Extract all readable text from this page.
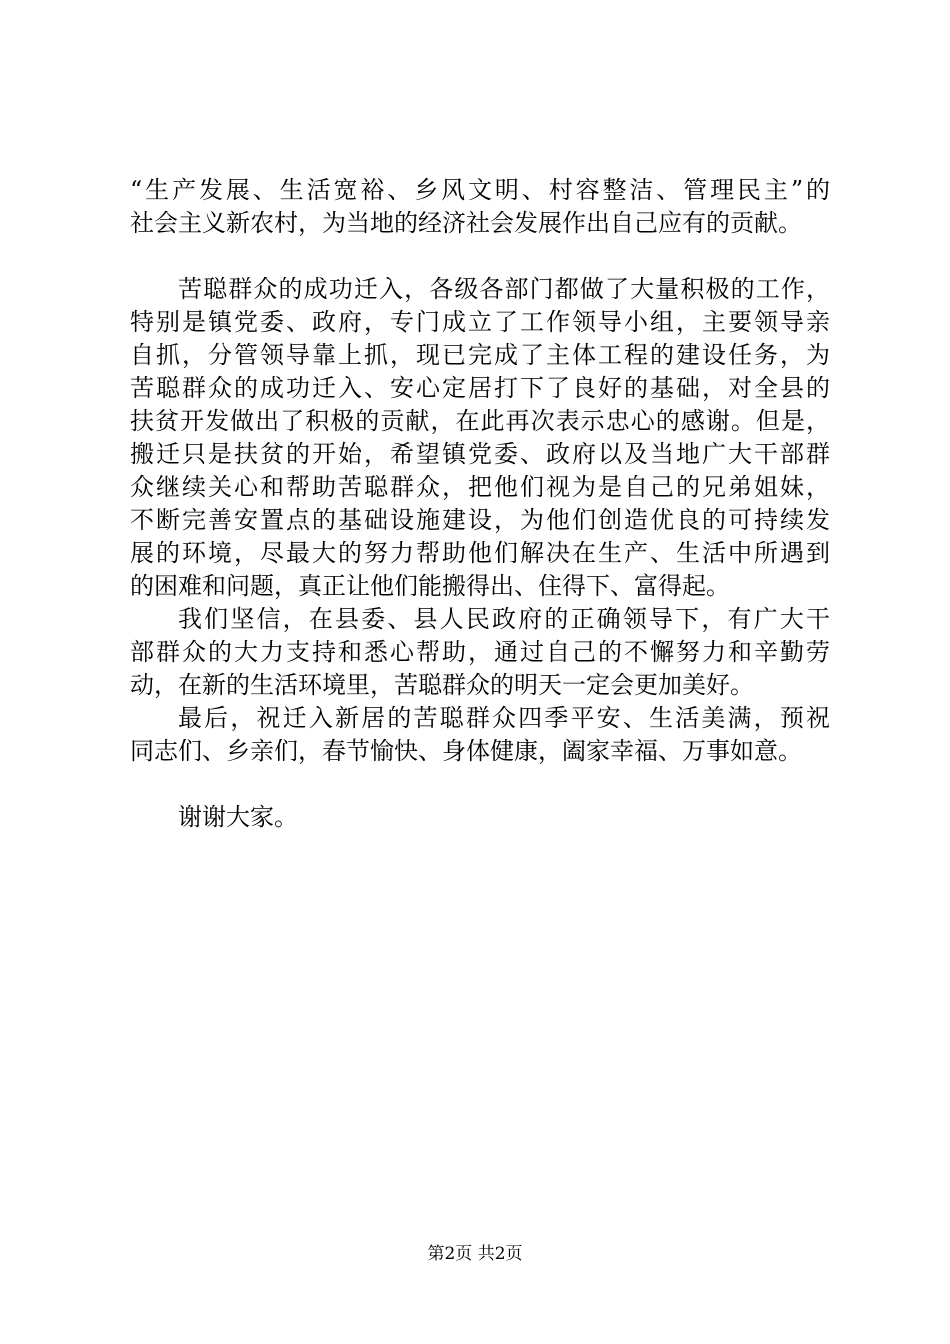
“生产发展、生活宽裕、乡风文明、村容整洁、管理民主”的
社会主义新农村，为当地的经济社会发展作出自己应有的贡献。
苦聪群众的成功迁入，各级各部门都做了大量积极的工作，
特别是镇党委、政府，专门成立了工作领导小组，主要领导亲
自抓，分管领导靠上抓，现已完成了主体工程的建设任务，为
苦聪群众的成功迁入、安心定居打下了良好的基础，对全县的
扶贫开发做出了积极的贡献，在此再次表示忠心的感谢。但是，
搬迁只是扶贫的开始，希望镇党委、政府以及当地广大干部群
众继续关心和帮助苦聪群众，把他们视为是自己的兄弟姐妹，
不断完善安置点的基础设施建设，为他们创造优良的可持续发
展的环境，尽最大的努力帮助他们解决在生产、生活中所遇到
的困难和问题，真正让他们能搬得出、住得下、富得起。
我们坚信，在县委、县人民政府的正确领导下，有广大干
部群众的大力支持和悉心帮助，通过自己的不懈努力和辛勤劳
动，在新的生活环境里，苦聪群众的明天一定会更加美好。
最后，祝迁入新居的苦聪群众四季平安、生活美满，预祝
同志们、乡亲们，春节愉快、身体健康，阖家幸福、万事如意。
谢谢大家。
第2页 共2页
